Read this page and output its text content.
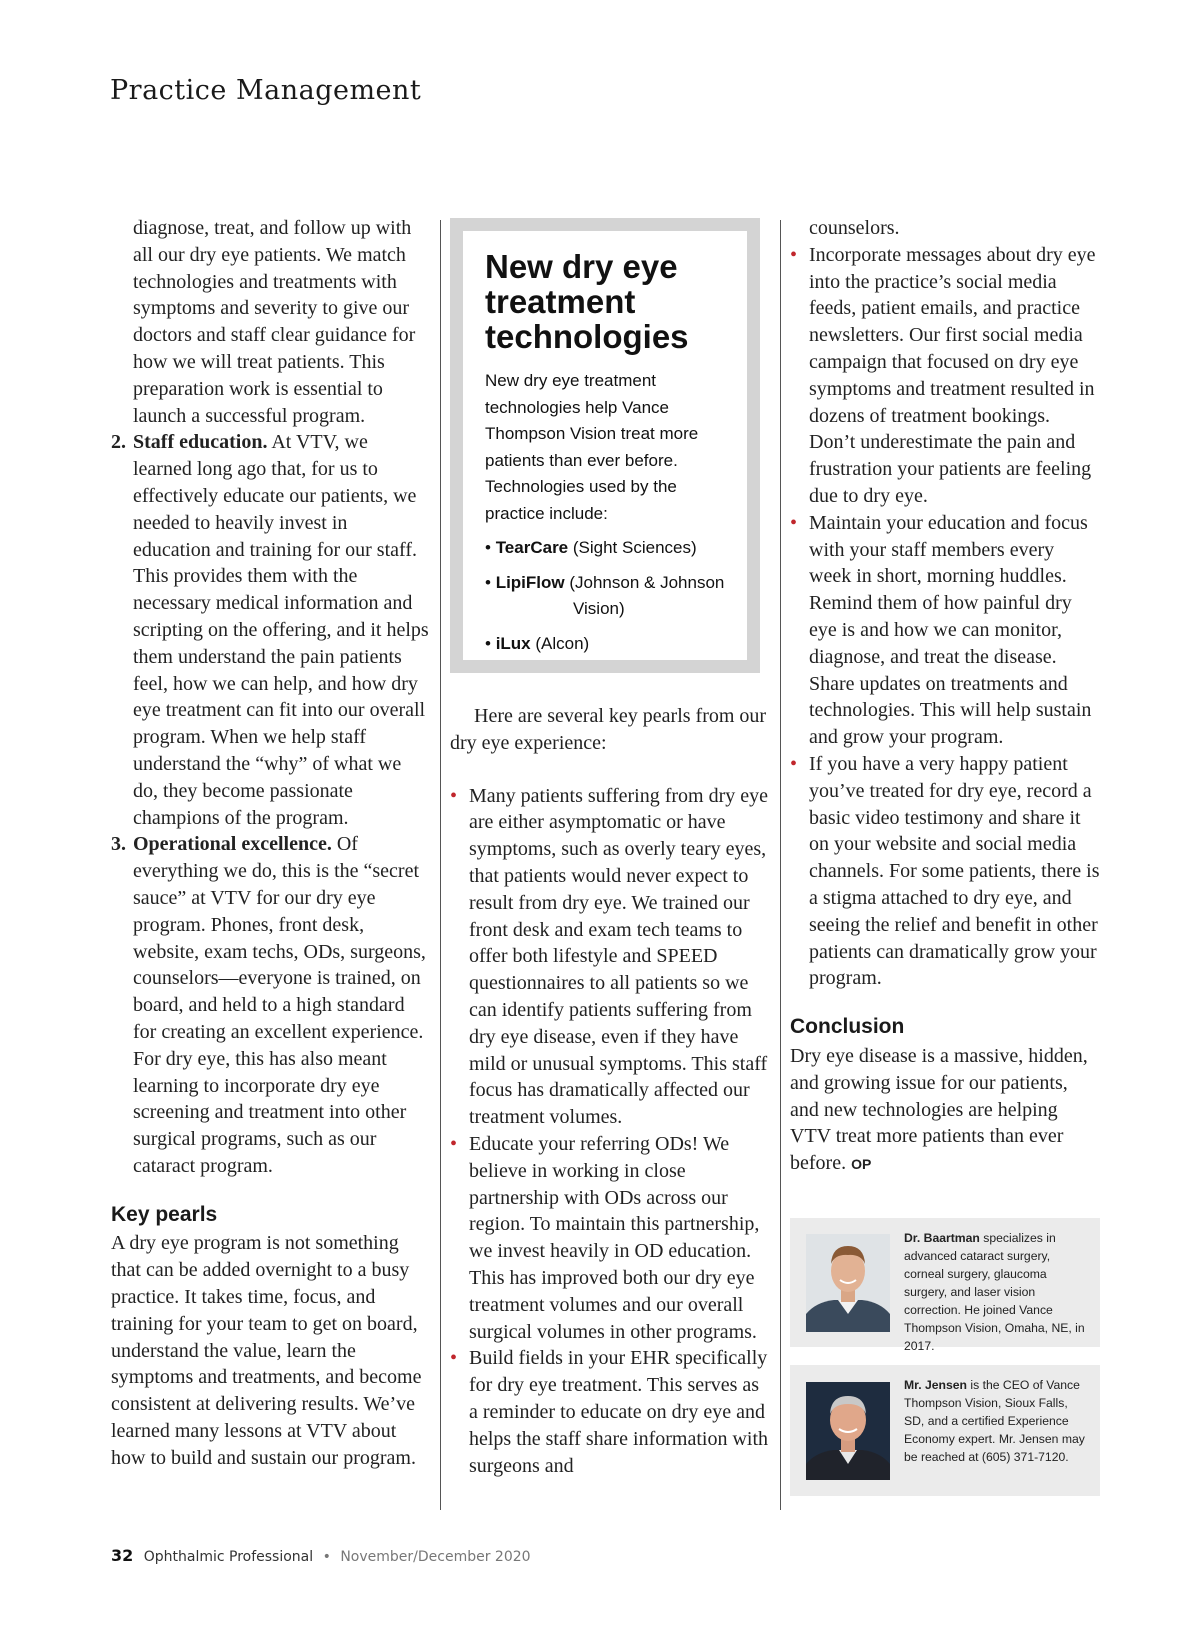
Practice Management

diagnose, treat, and follow up with all our dry eye patients. We match technologies and treatments with symptoms and severity to give our doctors and staff clear guidance for how we will treat patients. This preparation work is essential to launch a successful program.

2. Staff education. At VTV, we learned long ago that, for us to effectively educate our patients, we needed to heavily invest in education and training for our staff. This provides them with the necessary medical information and scripting on the offering, and it helps them understand the pain patients feel, how we can help, and how dry eye treatment can fit into our overall program. When we help staff understand the “why” of what we do, they become passionate champions of the program.
3. Operational excellence. Of everything we do, this is the “secret sauce” at VTV for our dry eye program. Phones, front desk, website, exam techs, ODs, surgeons, counselors—everyone is trained, on board, and held to a high standard for creating an excellent experience. For dry eye, this has also meant learning to incorporate dry eye screening and treatment into other surgical programs, such as our cataract program.
Key pearls

A dry eye program is not something that can be added overnight to a busy practice. It takes time, focus, and training for your team to get on board, understand the value, learn the symptoms and treatments, and become consistent at delivering results. We’ve learned many lessons at VTV about how to build and sustain our program.

New dry eye treatment technologies
New dry eye treatment technologies help Vance Thompson Vision treat more patients than ever before. Technologies used by the practice include:
• TearCare (Sight Sciences)
• LipiFlow (Johnson & Johnson
Vision)
• iLux (Alcon)

Here are several key pearls from our dry eye experience:

• Many patients suffering from dry eye are either asymptomatic or have symptoms, such as overly teary eyes, that patients would never expect to result from dry eye. We trained our front desk and exam tech teams to offer both lifestyle and SPEED questionnaires to all patients so we can identify patients suffering from dry eye disease, even if they have mild or unusual symptoms. This staff focus has dramatically affected our treatment volumes.
• Educate your referring ODs! We believe in working in close partnership with ODs across our region. To maintain this partnership, we invest heavily in OD education. This has improved both our dry eye treatment volumes and our overall surgical volumes in other programs.
• Build fields in your EHR specifically for dry eye treatment. This serves as a reminder to educate on dry eye and helps the staff share information with surgeons and

counselors.

• Incorporate messages about dry eye into the practice’s social media feeds, patient emails, and practice newsletters. Our first social media campaign that focused on dry eye symptoms and treatment resulted in dozens of treatment bookings. Don’t underestimate the pain and frustration your patients are feeling due to dry eye.
• Maintain your education and focus with your staff members every week in short, morning huddles. Remind them of how painful dry eye is and how we can monitor, diagnose, and treat the disease. Share updates on treatments and technologies. This will help sustain and grow your program.
• If you have a very happy patient you’ve treated for dry eye, record a basic video testimony and share it on your website and social media channels. For some patients, there is a stigma attached to dry eye, and seeing the relief and benefit in other patients can dramatically grow your program.
Conclusion

Dry eye disease is a massive, hidden, and growing issue for our patients, and new technologies are helping VTV treat more patients than ever before. OP

Dr. Baartman specializes in advanced cataract surgery, corneal surgery, glaucoma surgery, and laser vision correction. He joined Vance Thompson Vision, Omaha, NE, in 2017.
Mr. Jensen is the CEO of Vance Thompson Vision, Sioux Falls, SD, and a certified Experience Economy expert. Mr. Jensen may be reached at (605) 371-7120.
32 Ophthalmic Professional • November/December 2020
